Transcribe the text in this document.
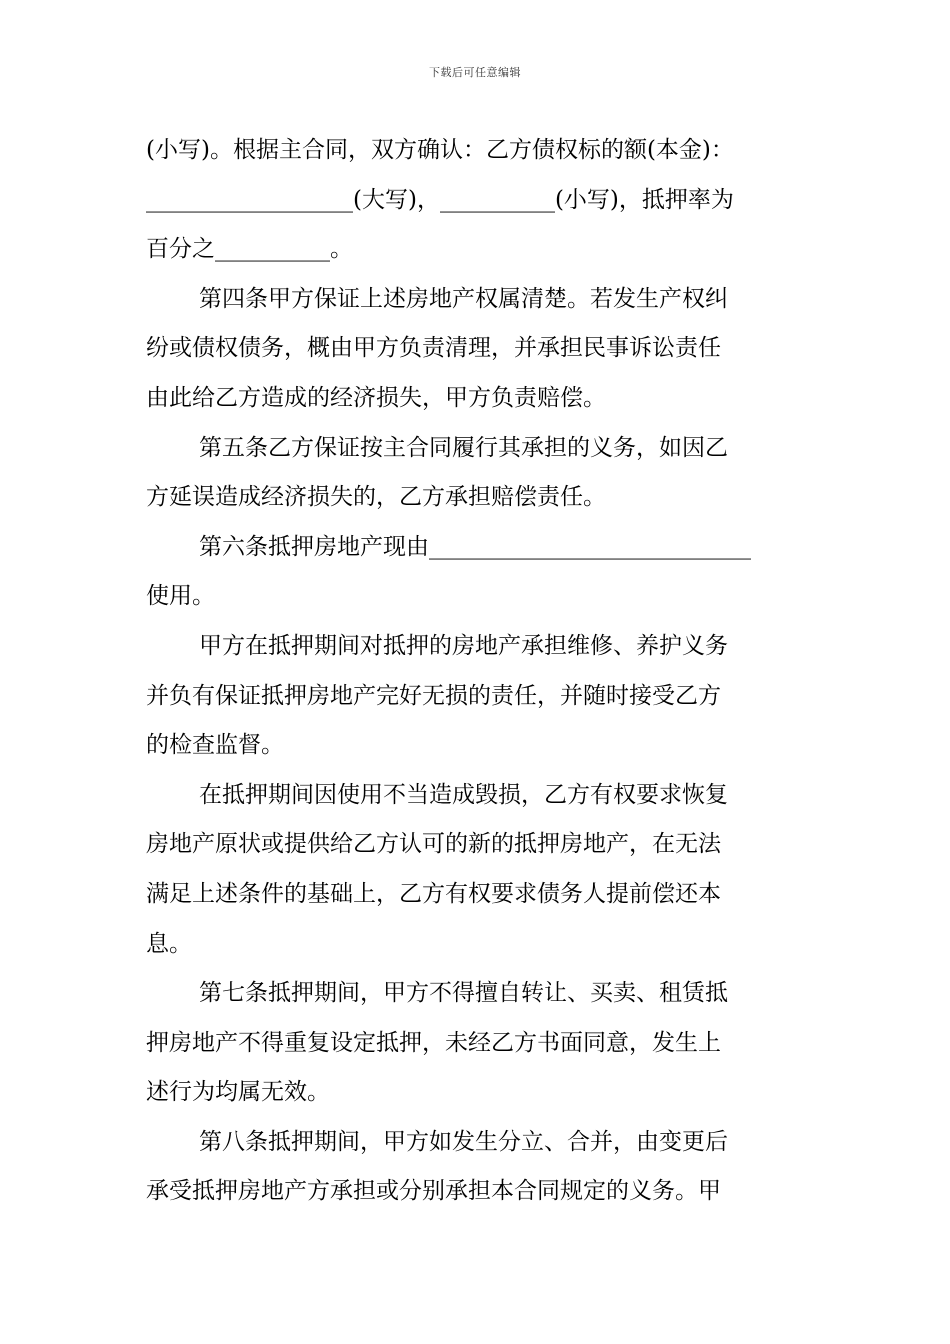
下载后可任意编辑

(小写)。根据主合同，双方确认：乙方债权标的额(本金)：

__________________(大写)，__________(小写)，抵押率为

百分之__________。

第四条甲方保证上述房地产权属清楚。若发生产权纠

纷或债权债务，概由甲方负责清理，并承担民事诉讼责任

由此给乙方造成的经济损失，甲方负责赔偿。

第五条乙方保证按主合同履行其承担的义务，如因乙

方延误造成经济损失的，乙方承担赔偿责任。

第六条抵押房地产现由____________________________

使用。

甲方在抵押期间对抵押的房地产承担维修、养护义务

并负有保证抵押房地产完好无损的责任，并随时接受乙方

的检查监督。

在抵押期间因使用不当造成毁损，乙方有权要求恢复

房地产原状或提供给乙方认可的新的抵押房地产，在无法

满足上述条件的基础上，乙方有权要求债务人提前偿还本

息。

第七条抵押期间，甲方不得擅自转让、买卖、租赁抵

押房地产不得重复设定抵押，未经乙方书面同意，发生上

述行为均属无效。

第八条抵押期间，甲方如发生分立、合并，由变更后

承受抵押房地产方承担或分别承担本合同规定的义务。甲
